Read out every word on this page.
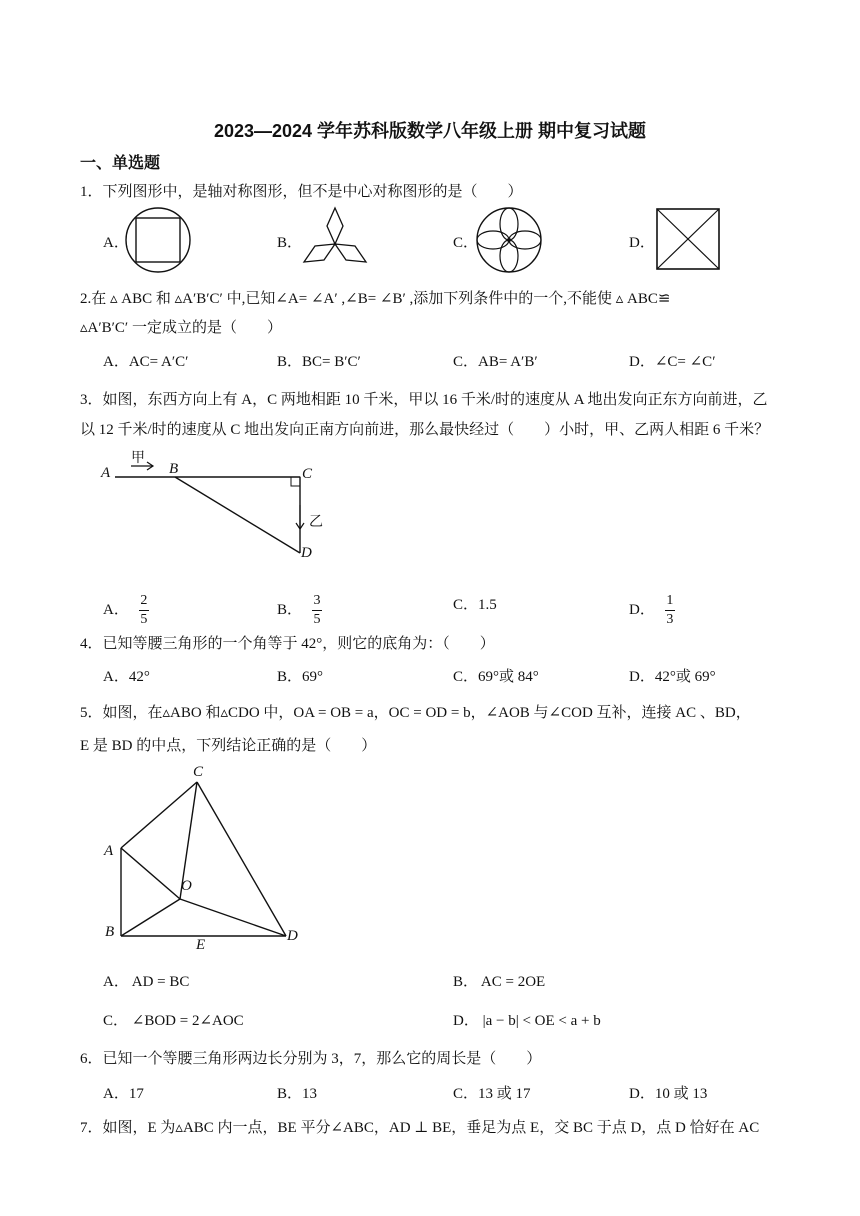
2023—2024 学年苏科版数学八年级上册 期中复习试题
一、单选题
1．下列图形中，是轴对称图形，但不是中心对称图形的是（　　）
A．	B．	C．	D．
2.在 ▵ ABC 和 ▵A′B′C′ 中,已知∠A= ∠A′ ,∠B= ∠B′ ,添加下列条件中的一个,不能使 ▵ ABC≌
▵A′B′C′ 一定成立的是（　　）
A．AC= A′C′	B．BC= B′C′	C．AB= A′B′	D．∠C= ∠C′
3．如图，东西方向上有 A，C 两地相距 10 千米，甲以 16 千米/时的速度从 A 地出发向正东方向前进，乙
以 12 千米/时的速度从 C 地出发向正南方向前进，那么最快经过（　　）小时，甲、乙两人相距 6 千米？
A	B	C
D
甲
乙
A． $\frac{2}{5}$	B． $\frac{3}{5}$	C．1.5	D． $\frac{1}{3}$
4．已知等腰三角形的一个角等于 42°，则它的底角为：（　　）
A．42°	B．69°	C．69°或 84°	D．42°或 69°
5．如图，在▵ABO 和▵CDO 中，OA = OB = a，OC = OD = b，∠AOB 与∠COD 互补，连接 AC 、BD，
E 是 BD 的中点，下列结论正确的是（　　）
C
A
O
B
E
D
A． AD = BC	B． AC = 2OE
C． ∠BOD = 2∠AOC	D． |a − b| < OE < a + b
6．已知一个等腰三角形两边长分别为 3，7，那么它的周长是（　　）
A．17	B．13	C．13 或 17	D．10 或 13
7．如图，E 为▵ABC 内一点，BE 平分∠ABC，AD ⊥ BE，垂足为点 E，交 BC 于点 D，点 D 恰好在 AC
